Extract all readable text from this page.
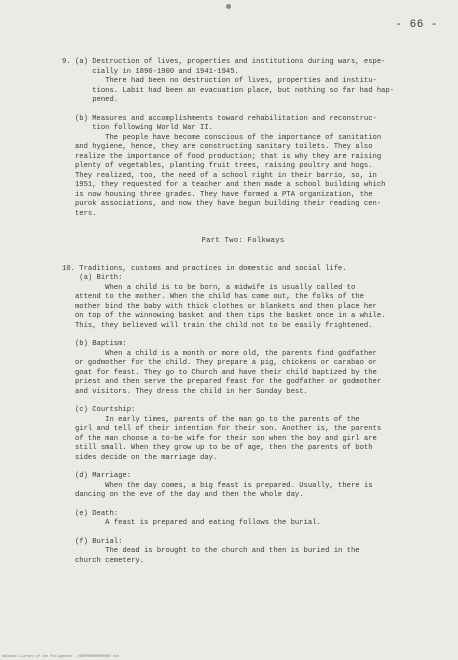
- 66 -
9. (a) Destruction of lives, properties and institutions during wars, espe-
cially in 1896-1900 and 1941-1945.
There had been no destruction of lives, properties and institu-
tions. Labit had been an evacuation place, but nothing so far had hap-
pened.
(b) Measures and accomplishments toward rehabilitation and reconstruc-
tion following World War II.
The people have become conscious of the importance of sanitation
and hygiene, hence, they are constructing sanitary toilets. They also
realize the importance of food production; that is why they are raising
plenty of vegetables, planting fruit trees, raising poultry and hogs.
They realized, too, the need of a school right in their barrio, so, in
1951, they requested for a teacher and then made a school building which
is now housing three grades. They have formed a PTA organization, the
purok associations, and now they have begun building their reading cen-
ters.
Part Two: Folkways
10. Traditions, customs and practices in domestic and social life.
(a) Birth:
When a child is to be born, a midwife is usually called to
attend to the mother. When the child has come out, the folks of the
mother bind the baby with thick clothes or blankets and then place her
on top of the winnowing basket and then tips the basket once in a while.
This, they believed will train the child not to be easily frightened.
(b) Baptism:
When a child is a month or more old, the parents find godfather
or godmother for the child. They prepare a pig, chickens or carabao or
goat for feast. They go to Church and have their child baptized by the
priest and then serve the prepared feast for the godfather or godmother
and visitors. They dress the child in her Sunday best.
(c) Courtship:
In early times, parents of the man go to the parents of the
girl and tell of their intention for their son. Another is, the parents
of the man choose a to-be wife for their son when the boy and girl are
still small. When they grow up to be of age, then the parents of both
sides decide on the marriage day.
(d) Marriage:
When the day comes, a big feast is prepared. Usually, there is
dancing on the eve of the day and then the whole day.
(e) Death:
A feast is prepared and eating follows the burial.
(f) Burial:
The dead is brought to the church and then is buried in the
church cemetery.
National Library of the Philippines - HDSPRB0000000000 ccb
